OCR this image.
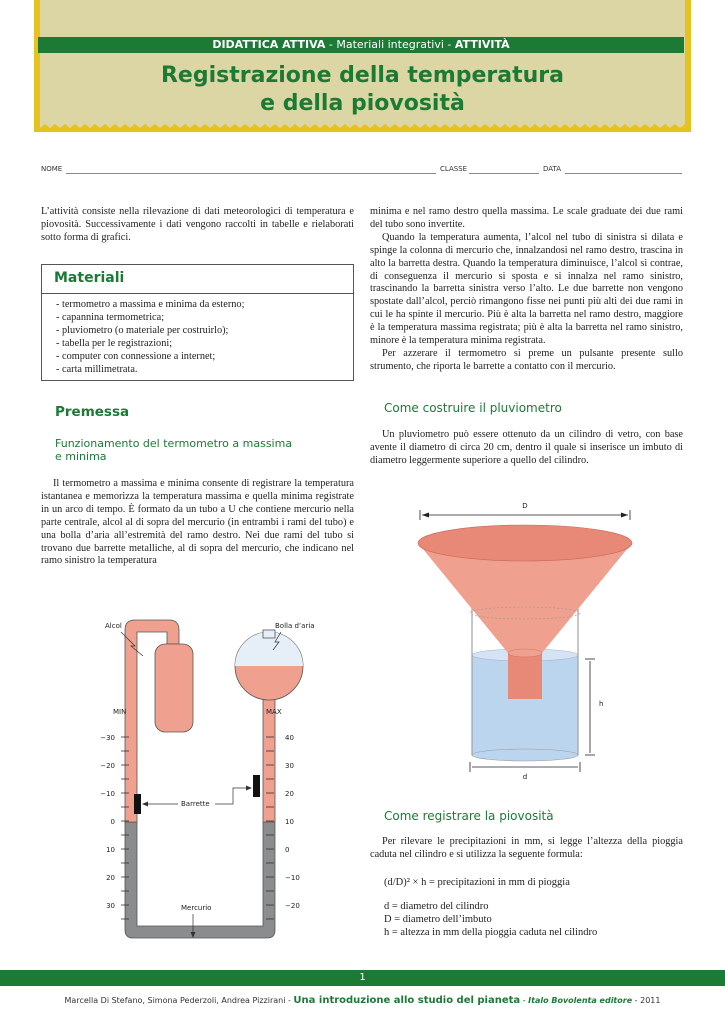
DIDATTICA ATTIVA - Materiali integrativi - ATTIVITÀ
Registrazione della temperatura
e della piovosità
NOME	CLASSE	DATA

L’attività consiste nella rilevazione di dati meteorologici di temperatura e piovosità. Successivamente i dati vengono raccolti in tabelle e rielaborati sotto forma di grafici.

Materiali
- termometro a massima e minima da esterno;
- capannina termometrica;
- pluviometro (o materiale per costruirlo);
- tabella per le registrazioni;
- computer con connessione a internet;
- carta millimetrata.
Premessa
Funzionamento del termometro a massima
e minima

Il termometro a massima e minima consente di registrare la temperatura istantanea e memorizza la temperatura massima e quella minima registrate in un arco di tempo. È formato da un tubo a U che contiene mercurio nella parte centrale, alcol al di sopra del mercurio (in entrambi i rami del tubo) e una bolla d’aria all’estremità del ramo destro. Nei due rami del tubo si trovano due barrette metalliche, al di sopra del mercurio, che indicano nel ramo sinistro la temperatura

minima e nel ramo destro quella massima. Le scale graduate dei due rami del tubo sono invertite.

Quando la temperatura aumenta, l’alcol nel tubo di sinistra si dilata e spinge la colonna di mercurio che, innalzandosi nel ramo destro, trascina in alto la barretta destra. Quando la temperatura diminuisce, l’alcol si contrae, di conseguenza il mercurio si sposta e si innalza nel ramo sinistro, trascinando la barretta sinistra verso l’alto. Le due barrette non vengono spostate dall’alcol, perciò rimangono fisse nei punti più alti dei due rami in cui le ha spinte il mercurio. Più è alta la barretta nel ramo destro, maggiore è la temperatura massima registrata; più è alta la barretta nel ramo sinistro, minore è la temperatura minima registrata.

Per azzerare il termometro si preme un pulsante presente sullo strumento, che riporta le barrette a contatto con il mercurio.

Come costruire il pluviometro

Un pluviometro può essere ottenuto da un cilindro di vetro, con base avente il diametro di circa 20 cm, dentro il quale si inserisce un imbuto di diametro leggermente superiore a quello del cilindro.

D
h
d
Come registrare la piovosità

Per rilevare le precipitazioni in mm, si legge l’altezza della pioggia caduta nel cilindro e si utilizza la seguente formula:

(d/D)² × h = precipitazioni in mm di pioggia
d = diametro del cilindro
D = diametro dell’imbuto
h = altezza in mm della pioggia caduta nel cilindro
MIN	MAX
−30
−20
−10
0
10
20
30
40
30
20
10
0
−10
−20
Alcol	Bolla d’aria
Barrette
Mercurio
1
Marcella Di Stefano, Simona Pederzoli, Andrea Pizzirani - Una introduzione allo studio del pianeta - Italo Bovolenta editore - 2011
